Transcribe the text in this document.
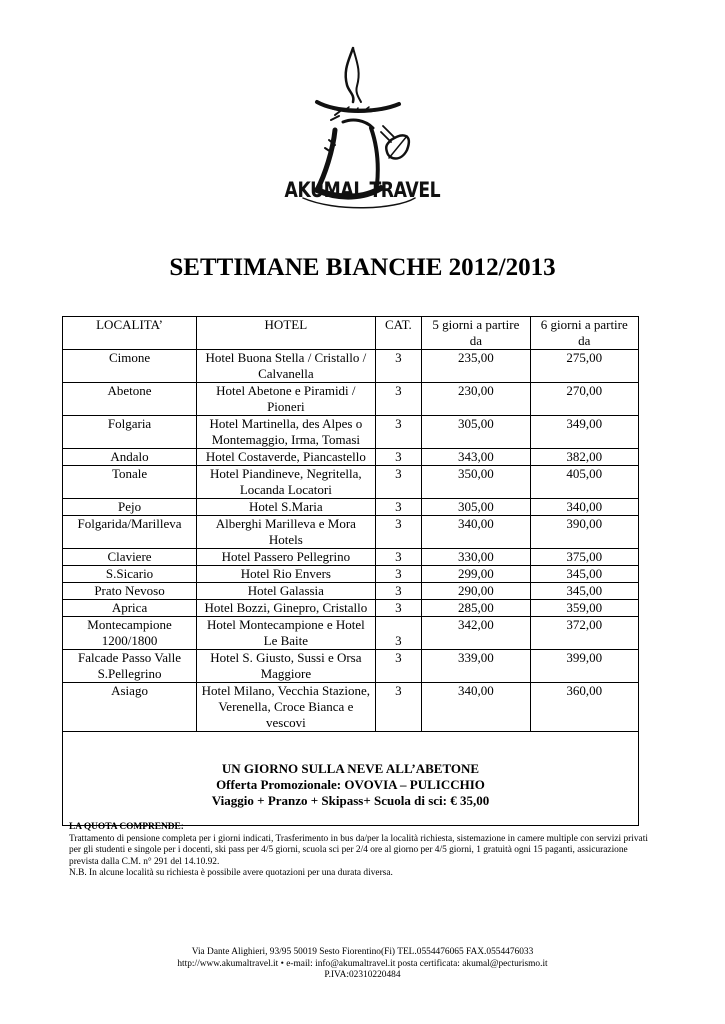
AKUMAL TRAVEL
SETTIMANE BIANCHE 2012/2013
LOCALITA’	HOTEL	CAT.	5 giorni a partire da	6 giorni a partire da
Cimone	Hotel Buona Stella / Cristallo / Calvanella	3	235,00	275,00
Abetone	Hotel Abetone e Piramidi / Pioneri	3	230,00	270,00
Folgaria	Hotel Martinella, des Alpes o Montemaggio, Irma, Tomasi	3	305,00	349,00
Andalo	Hotel Costaverde, Piancastello	3	343,00	382,00
Tonale	Hotel Piandineve, Negritella, Locanda Locatori	3	350,00	405,00
Pejo	Hotel S.Maria	3	305,00	340,00
Folgarida/Marilleva	Alberghi Marilleva e Mora Hotels	3	340,00	390,00
Claviere	Hotel Passero Pellegrino	3	330,00	375,00
S.Sicario	Hotel Rio Envers	3	299,00	345,00
Prato Nevoso	Hotel Galassia	3	290,00	345,00
Aprica	Hotel Bozzi, Ginepro, Cristallo	3	285,00	359,00
Montecampione 1200/1800	Hotel Montecampione e Hotel Le Baite	3	342,00	372,00
Falcade Passo Valle S.Pellegrino	Hotel S. Giusto, Sussi e Orsa Maggiore	3	339,00	399,00
Asiago	Hotel Milano, Vecchia Stazione, Verenella, Croce Bianca e vescovi	3	340,00	360,00

UN GIORNO SULLA NEVE ALL’ABETONE
Offerta Promozionale: OVOVIA – PULICCHIO
Viaggio + Pranzo + Skipass+ Scuola di sci: € 35,00				
LA QUOTA COMPRENDE:
Trattamento di pensione completa per i giorni indicati, Trasferimento in bus da/per la località richiesta, sistemazione in camere multiple con servizi privati per gli studenti e singole per i docenti, ski pass per 4/5 giorni, scuola sci per 2/4 ore al giorno per 4/5 giorni, 1 gratuità ogni 15 paganti, assicurazione prevista dalla C.M. n° 291 del 14.10.92.
N.B. In alcune località su richiesta è possibile avere quotazioni per una durata diversa.
Via Dante Alighieri, 93/95 50019 Sesto Fiorentino(Fi) TEL.0554476065 FAX.0554476033
http://www.akumaltravel.it • e-mail: info@akumaltravel.it posta certificata: akumal@pecturismo.it
P.IVA:02310220484
